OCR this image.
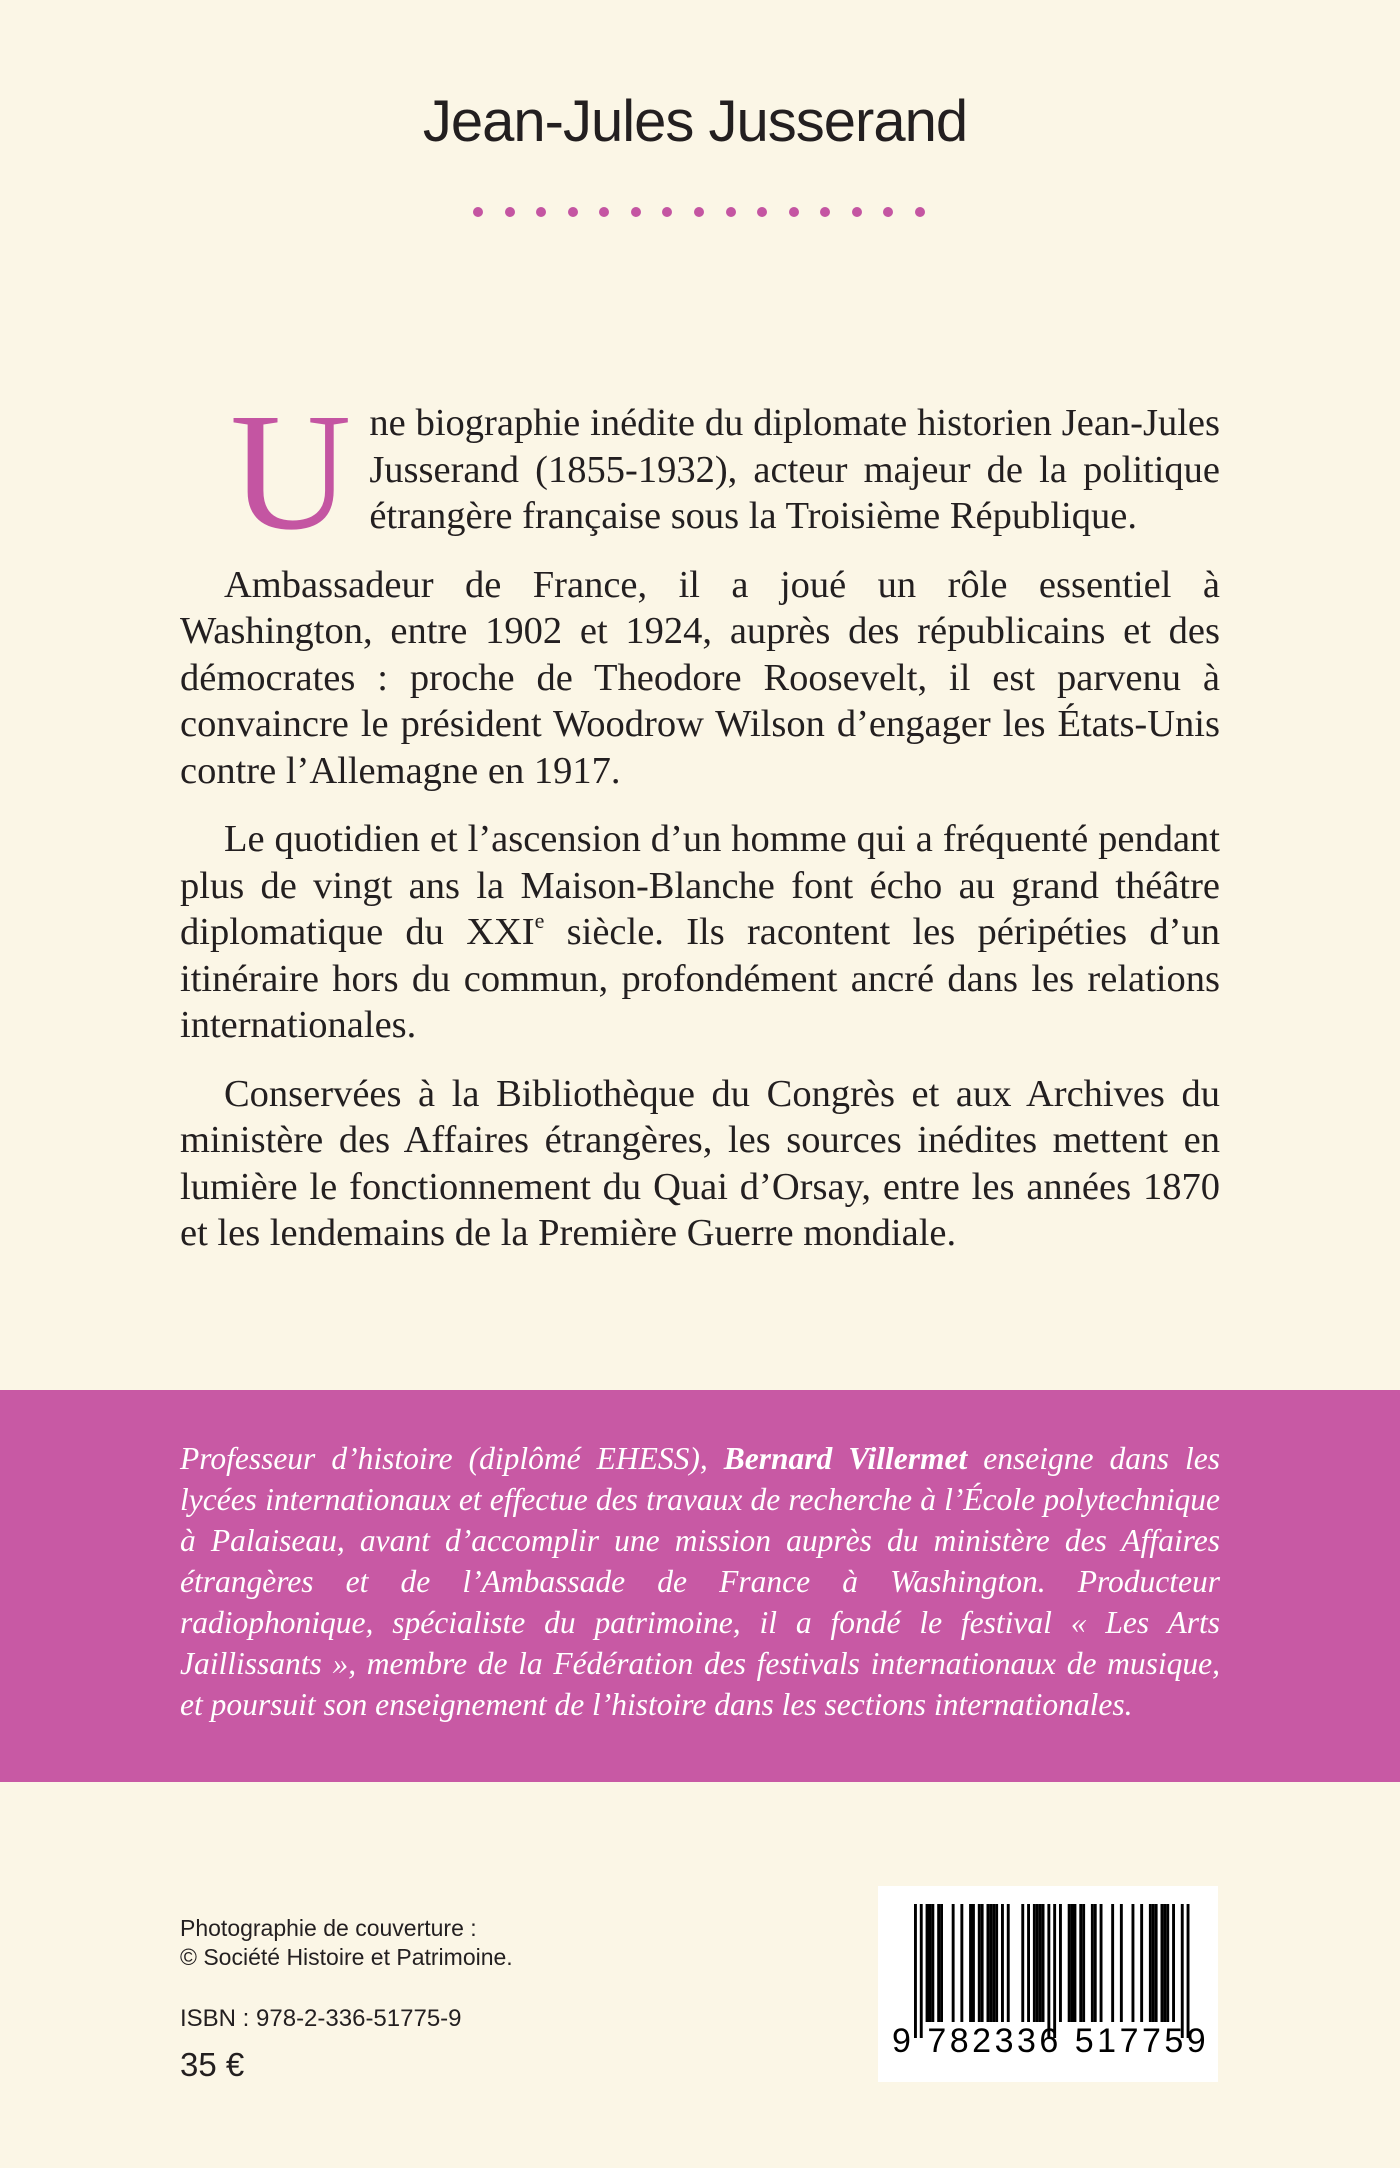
Jean-Jules Jusserand

Une biographie inédite du diplomate historien Jean-Jules Jusserand (1855-1932), acteur majeur de la politique étrangère française sous la Troisième République.

Ambassadeur de France, il a joué un rôle essentiel à Washington, entre 1902 et 1924, auprès des républicains et des démocrates : proche de Theodore Roosevelt, il est parvenu à convaincre le président Woodrow Wilson d’engager les États-Unis contre l’Allemagne en 1917.

Le quotidien et l’ascension d’un homme qui a fréquenté pendant plus de vingt ans la Maison-Blanche font écho au grand théâtre diplomatique du XXIe siècle. Ils racontent les péripéties d’un itinéraire hors du commun, profondément ancré dans les relations internationales.

Conservées à la Bibliothèque du Congrès et aux Archives du ministère des Affaires étrangères, les sources inédites mettent en lumière le fonctionnement du Quai d’Orsay, entre les années 1870 et les lendemains de la Première Guerre mondiale.

Professeur d’histoire (diplômé EHESS), Bernard Villermet enseigne dans les lycées internationaux et effectue des travaux de recherche à l’École polytechnique à Palaiseau, avant d’accomplir une mission auprès du ministère des Affaires étrangères et de l’Ambassade de France à Washington. Producteur radiophonique, spécialiste du patrimoine, il a fondé le festival « Les Arts Jaillissants », membre de la Fédération des festivals internationaux de musique, et poursuit son enseignement de l’histoire dans les sections internationales.

Photographie de couverture :
© Société Histoire et Patrimoine.
ISBN : 978-2-336-51775-9
35 €
9 782336 517759
